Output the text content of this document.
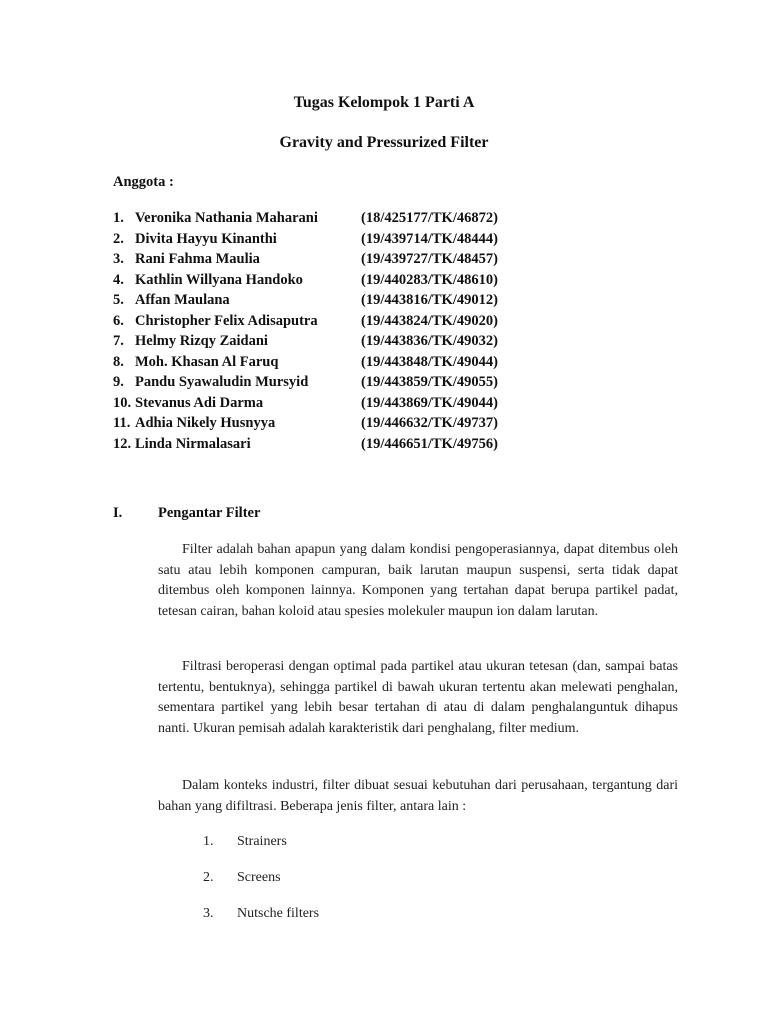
Tugas Kelompok 1 Parti A
Gravity and Pressurized Filter
Anggota :
1. Veronika Nathania Maharani	(18/425177/TK/46872)
2. Divita Hayyu Kinanthi	(19/439714/TK/48444)
3. Rani Fahma Maulia	(19/439727/TK/48457)
4. Kathlin Willyana Handoko	(19/440283/TK/48610)
5. Affan Maulana	(19/443816/TK/49012)
6. Christopher Felix Adisaputra	(19/443824/TK/49020)
7. Helmy Rizqy Zaidani	(19/443836/TK/49032)
8. Moh. Khasan Al Faruq	(19/443848/TK/49044)
9. Pandu Syawaludin Mursyid	(19/443859/TK/49055)
10. Stevanus Adi Darma	(19/443869/TK/49044)
11. Adhia Nikely Husnyya	(19/446632/TK/49737)
12. Linda Nirmalasari	(19/446651/TK/49756)
I. Pengantar Filter

Filter adalah bahan apapun yang dalam kondisi pengoperasiannya, dapat ditembus oleh satu atau lebih komponen campuran, baik larutan maupun suspensi, serta tidak dapat ditembus oleh komponen lainnya. Komponen yang tertahan dapat berupa partikel padat, tetesan cairan, bahan koloid atau spesies molekuler maupun ion dalam larutan.

Filtrasi beroperasi dengan optimal pada partikel atau ukuran tetesan (dan, sampai batas tertentu, bentuknya), sehingga partikel di bawah ukuran tertentu akan melewati penghalan, sementara partikel yang lebih besar tertahan di atau di dalam penghalanguntuk dihapus nanti. Ukuran pemisah adalah karakteristik dari penghalang, filter medium.

Dalam konteks industri, filter dibuat sesuai kebutuhan dari perusahaan, tergantung dari bahan yang difiltrasi. Beberapa jenis filter, antara lain :

1. Strainers
2. Screens
3. Nutsche filters
